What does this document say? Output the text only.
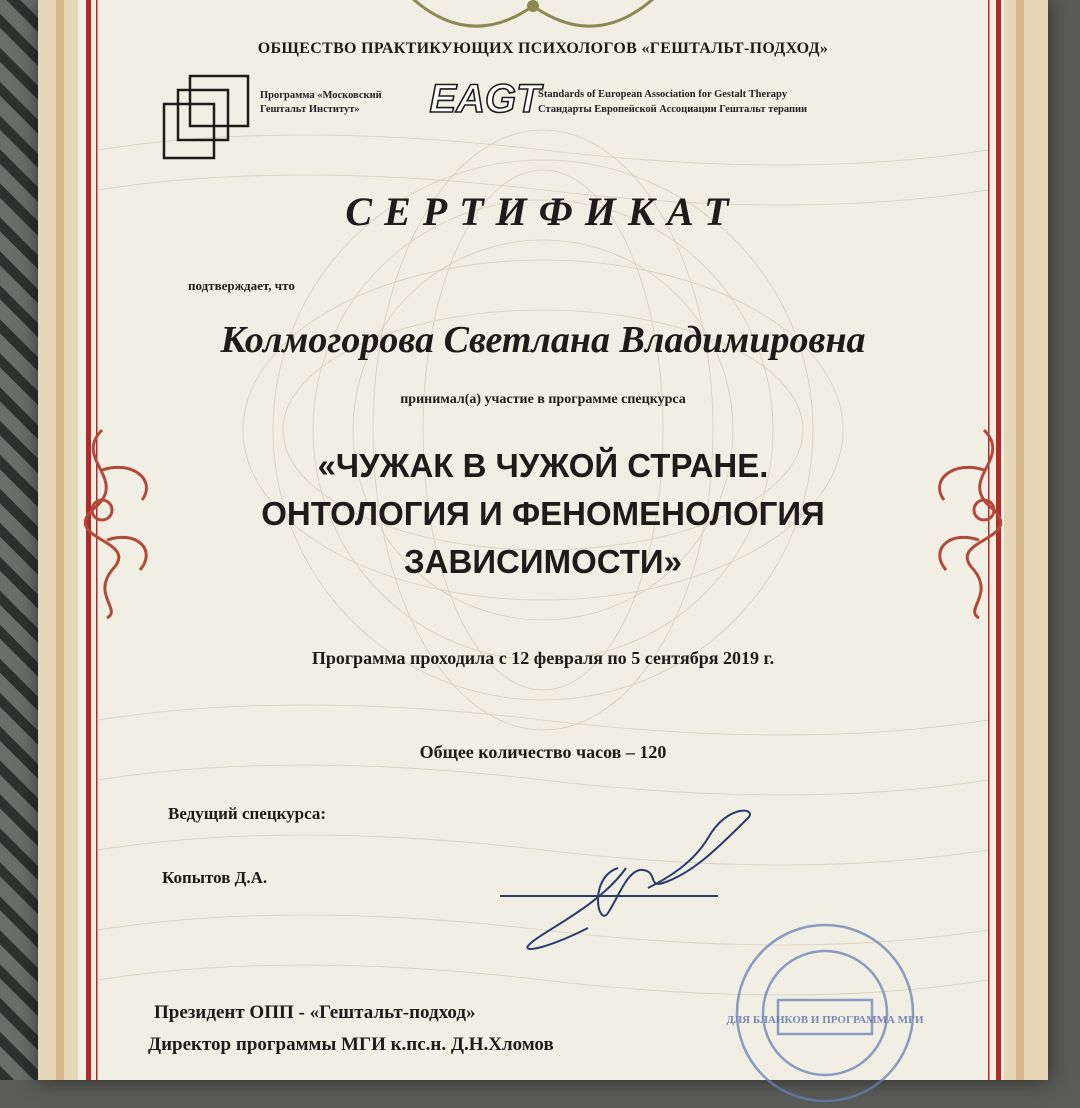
ОБЩЕСТВО ПРАКТИКУЮЩИХ ПСИХОЛОГОВ «ГЕШТАЛЬТ-ПОДХОД»
Программа «Московский
Гештальт Институт»	EAGT
Standards of European Association for Gestalt Therapy
Стандарты Европейской Ассоциации Гештальт терапии
СЕРТИФИКАТ
подтверждает, что
Колмогорова Светлана Владимировна
принимал(а) участие в программе спецкурса
«ЧУЖАК В ЧУЖОЙ СТРАНЕ.
ОНТОЛОГИЯ И ФЕНОМЕНОЛОГИЯ
ЗАВИСИМОСТИ»
Программа проходила с 12 февраля по 5 сентября 2019 г.
Общее количество часов – 120
Ведущий спецкурса:
Копытов Д.А.
Президент ОПП - «Гештальт-подход»
Директор программы МГИ к.пс.н. Д.Н.Хломов
ДЛЯ БЛАНКОВ И ПРОГРАММА МГИ
